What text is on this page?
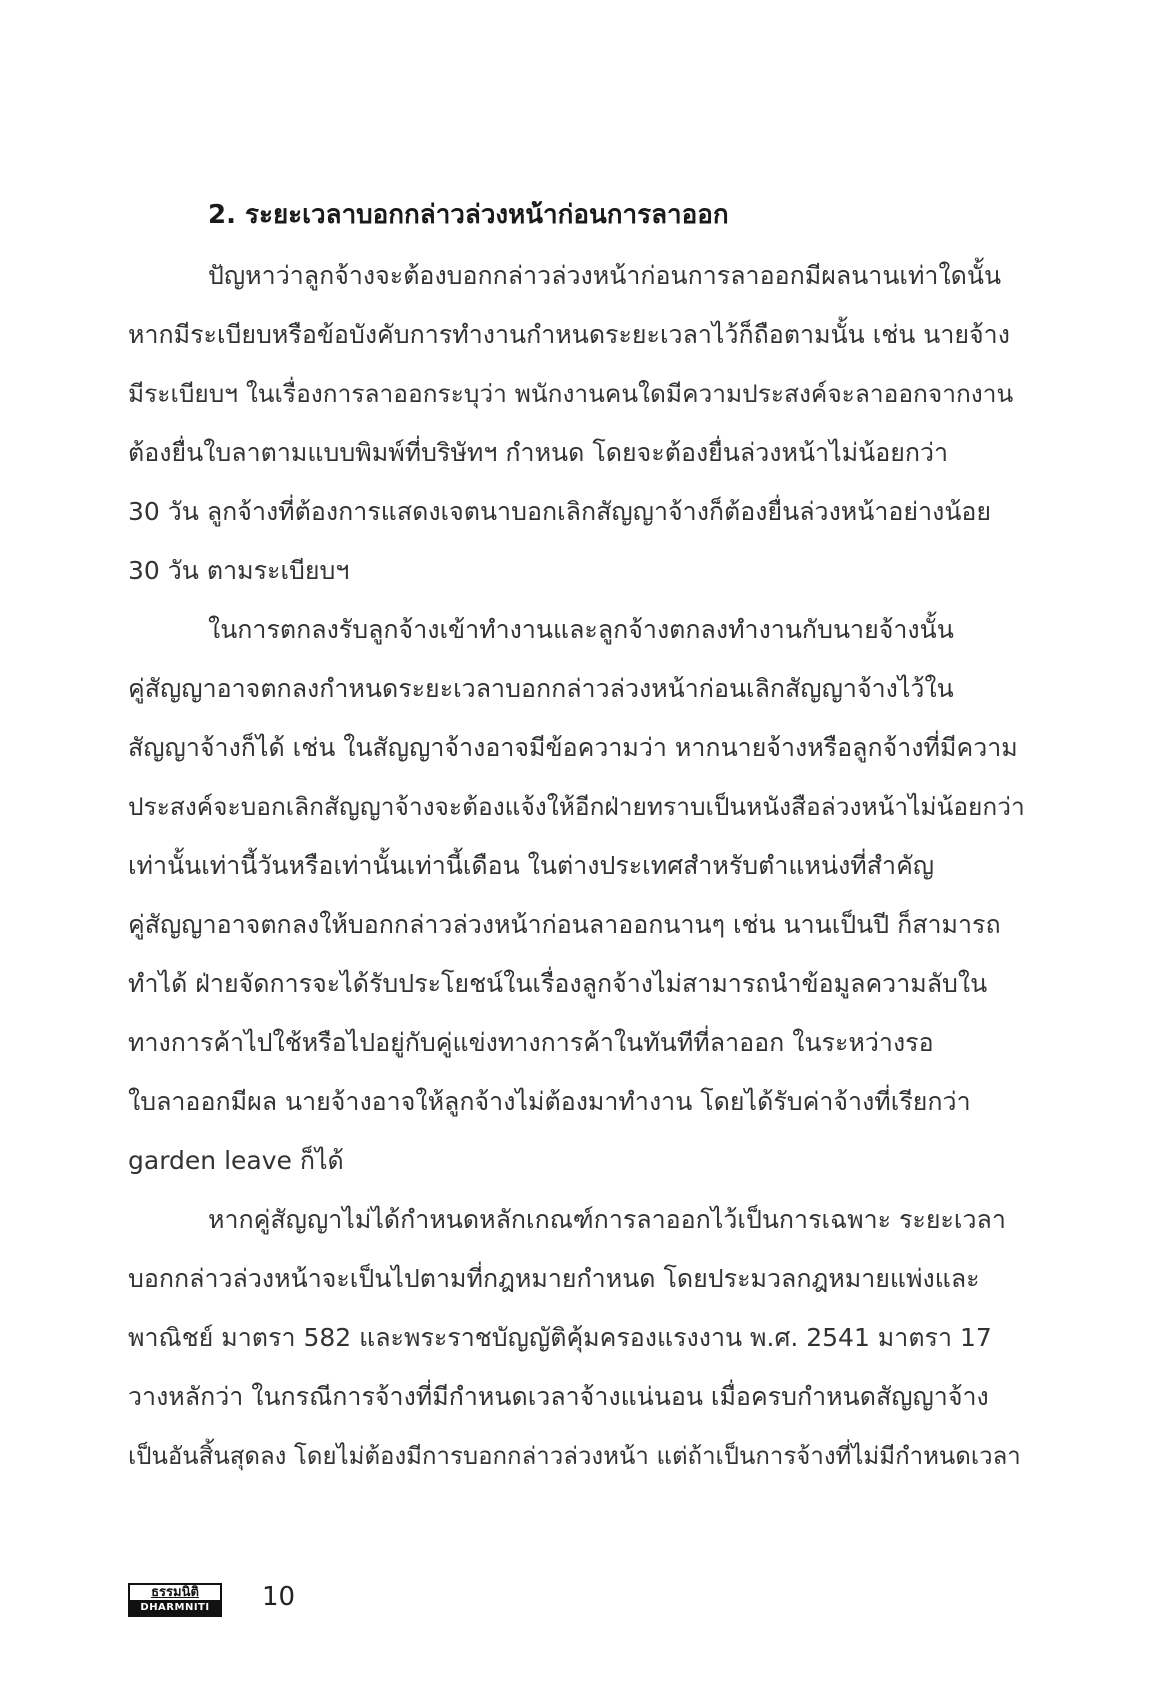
2. ระยะเวลาบอกกล่าวล่วงหน้าก่อนการลาออก
ปัญหาว่าลูกจ้างจะต้องบอกกล่าวล่วงหน้าก่อนการลาออกมีผลนานเท่าใดนั้น
หากมีระเบียบหรือข้อบังคับการทำงานกำหนดระยะเวลาไว้ก็ถือตามนั้น เช่น นายจ้าง
มีระเบียบฯ ในเรื่องการลาออกระบุว่า พนักงานคนใดมีความประสงค์จะลาออกจากงาน
ต้องยื่นใบลาตามแบบพิมพ์ที่บริษัทฯ กำหนด โดยจะต้องยื่นล่วงหน้าไม่น้อยกว่า
30 วัน ลูกจ้างที่ต้องการแสดงเจตนาบอกเลิกสัญญาจ้างก็ต้องยื่นล่วงหน้าอย่างน้อย
30 วัน ตามระเบียบฯ
ในการตกลงรับลูกจ้างเข้าทำงานและลูกจ้างตกลงทำงานกับนายจ้างนั้น
คู่สัญญาอาจตกลงกำหนดระยะเวลาบอกกล่าวล่วงหน้าก่อนเลิกสัญญาจ้างไว้ใน
สัญญาจ้างก็ได้ เช่น ในสัญญาจ้างอาจมีข้อความว่า หากนายจ้างหรือลูกจ้างที่มีความ
ประสงค์จะบอกเลิกสัญญาจ้างจะต้องแจ้งให้อีกฝ่ายทราบเป็นหนังสือล่วงหน้าไม่น้อยกว่า
เท่านั้นเท่านี้วันหรือเท่านั้นเท่านี้เดือน ในต่างประเทศสำหรับตำแหน่งที่สำคัญ
คู่สัญญาอาจตกลงให้บอกกล่าวล่วงหน้าก่อนลาออกนานๆ เช่น นานเป็นปี ก็สามารถ
ทำได้ ฝ่ายจัดการจะได้รับประโยชน์ในเรื่องลูกจ้างไม่สามารถนำข้อมูลความลับใน
ทางการค้าไปใช้หรือไปอยู่กับคู่แข่งทางการค้าในทันทีที่ลาออก ในระหว่างรอ
ใบลาออกมีผล นายจ้างอาจให้ลูกจ้างไม่ต้องมาทำงาน โดยได้รับค่าจ้างที่เรียกว่า
garden leave ก็ได้
หากคู่สัญญาไม่ได้กำหนดหลักเกณฑ์การลาออกไว้เป็นการเฉพาะ ระยะเวลา
บอกกล่าวล่วงหน้าจะเป็นไปตามที่กฎหมายกำหนด โดยประมวลกฎหมายแพ่งและ
พาณิชย์ มาตรา 582 และพระราชบัญญัติคุ้มครองแรงงาน พ.ศ. 2541 มาตรา 17
วางหลักว่า ในกรณีการจ้างที่มีกำหนดเวลาจ้างแน่นอน เมื่อครบกำหนดสัญญาจ้าง
เป็นอันสิ้นสุดลง โดยไม่ต้องมีการบอกกล่าวล่วงหน้า แต่ถ้าเป็นการจ้างที่ไม่มีกำหนดเวลา
ธรรมนิติ
DHARMNITI	10
